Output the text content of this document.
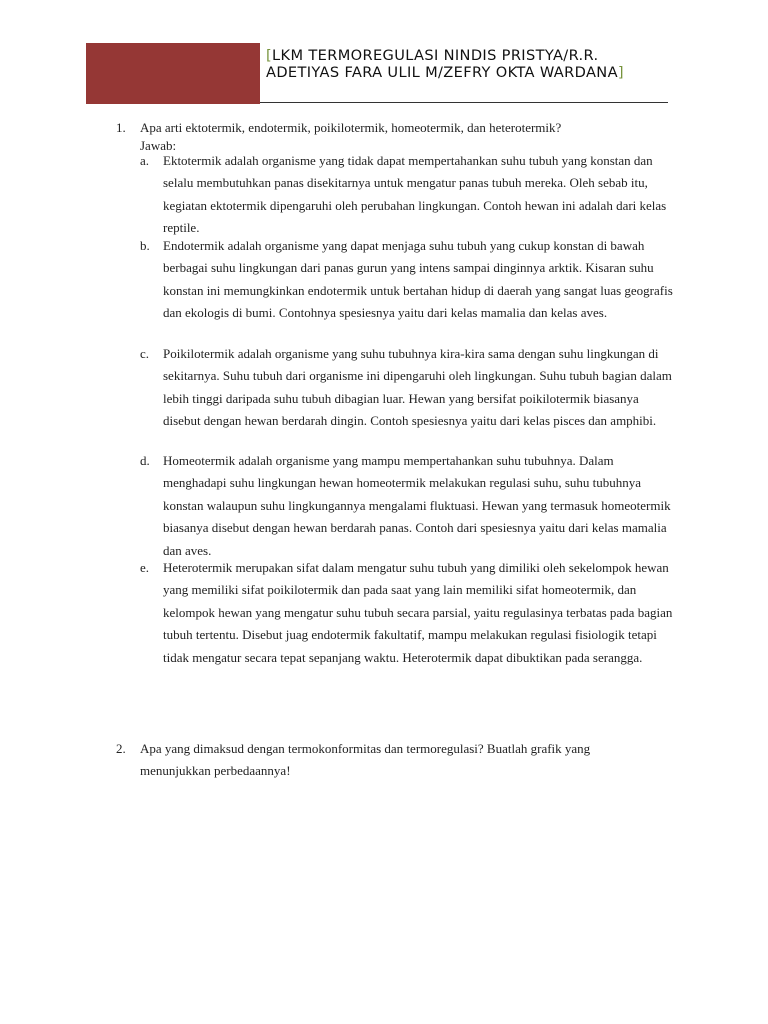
[LKM TERMOREGULASI NINDIS PRISTYA/R.R. ADETIYAS FARA ULIL M/ZEFRY OKTA WARDANA]
1. Apa arti ektotermik, endotermik, poikilotermik, homeotermik, dan heterotermik?
Jawab:
a. Ektotermik adalah organisme yang tidak dapat mempertahankan suhu tubuh yang konstan dan selalu membutuhkan panas disekitarnya untuk mengatur panas tubuh mereka. Oleh sebab itu, kegiatan ektotermik dipengaruhi oleh perubahan lingkungan. Contoh hewan ini adalah dari kelas reptile.
b. Endotermik adalah organisme yang dapat menjaga suhu tubuh yang cukup konstan di bawah berbagai suhu lingkungan dari panas gurun yang intens sampai dinginnya arktik. Kisaran suhu konstan ini memungkinkan endotermik untuk bertahan hidup di daerah yang sangat luas geografis dan ekologis di bumi. Contohnya spesiesnya yaitu dari kelas mamalia dan kelas aves.
c. Poikilotermik adalah organisme yang suhu tubuhnya kira-kira sama dengan suhu lingkungan di sekitarnya. Suhu tubuh dari organisme ini dipengaruhi oleh lingkungan. Suhu tubuh bagian dalam lebih tinggi daripada suhu tubuh dibagian luar. Hewan yang bersifat poikilotermik biasanya disebut dengan hewan berdarah dingin. Contoh spesiesnya yaitu dari kelas pisces dan amphibi.
d. Homeotermik adalah organisme yang mampu mempertahankan suhu tubuhnya. Dalam menghadapi suhu lingkungan hewan homeotermik melakukan regulasi suhu, suhu tubuhnya konstan walaupun suhu lingkungannya mengalami fluktuasi. Hewan yang termasuk homeotermik biasanya disebut dengan hewan berdarah panas. Contoh dari spesiesnya yaitu dari kelas mamalia dan aves.
e. Heterotermik merupakan sifat dalam mengatur suhu tubuh yang dimiliki oleh sekelompok hewan yang memiliki sifat poikilotermik dan pada saat yang lain memiliki sifat homeotermik, dan kelompok hewan yang mengatur suhu tubuh secara parsial, yaitu regulasinya terbatas pada bagian tubuh tertentu. Disebut juag endotermik fakultatif, mampu melakukan regulasi fisiologik tetapi tidak mengatur secara tepat sepanjang waktu. Heterotermik dapat dibuktikan pada serangga.
2. Apa yang dimaksud dengan termokonformitas dan termoregulasi? Buatlah grafik yang menunjukkan perbedaannya!
